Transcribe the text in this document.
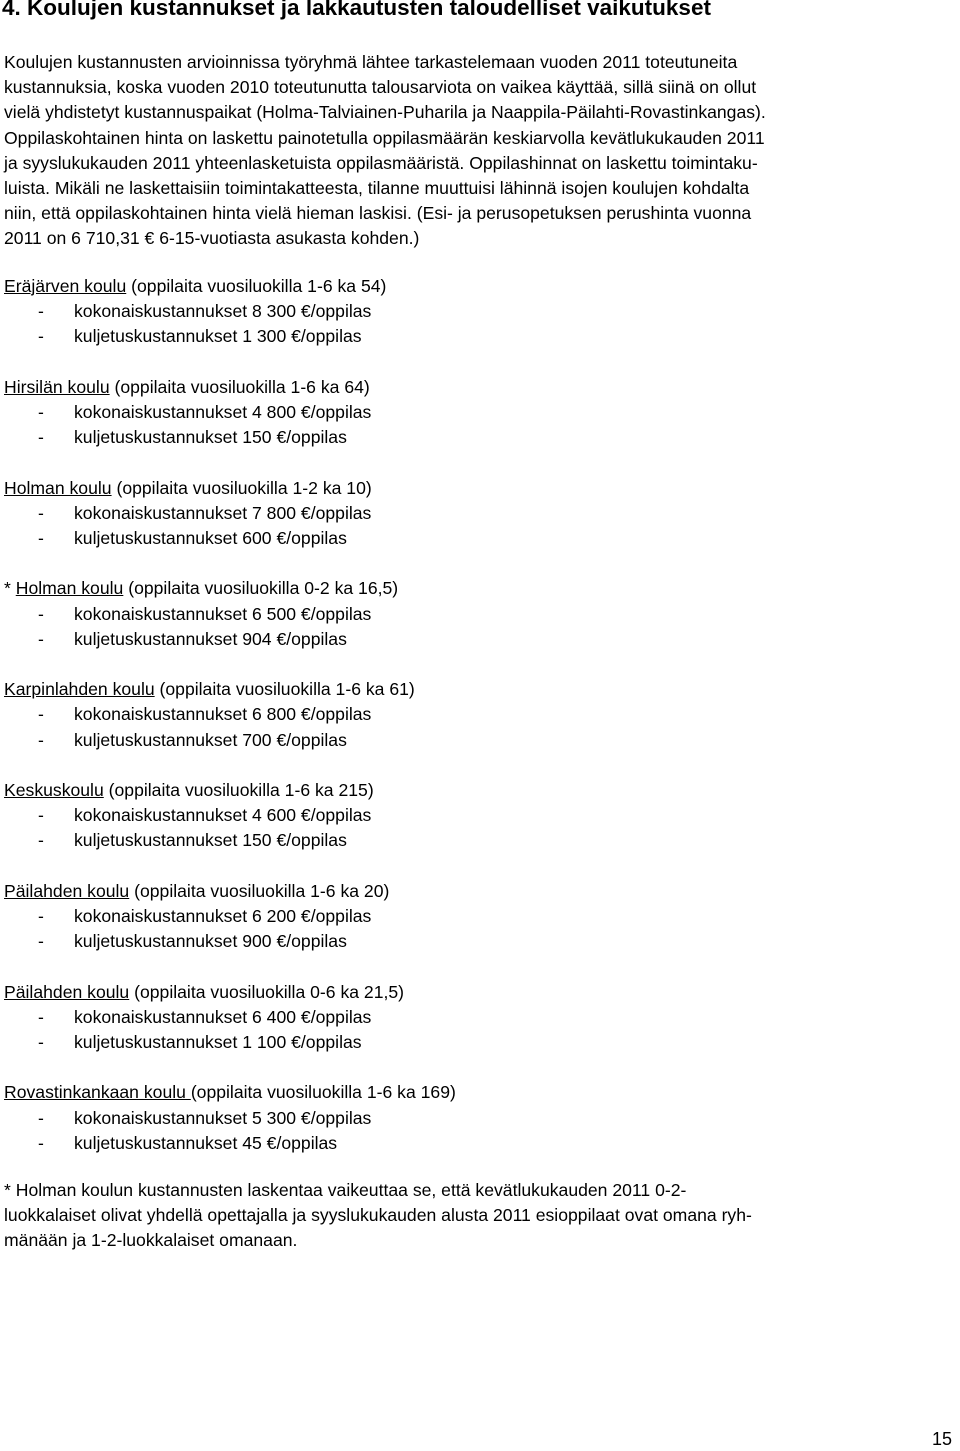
4. Koulujen kustannukset ja lakkautusten taloudelliset vaikutukset
Koulujen kustannusten arvioinnissa työryhmä lähtee tarkastelemaan vuoden 2011 toteutuneita
kustannuksia, koska vuoden 2010 toteutunutta talousarviota on vaikea käyttää, sillä siinä on ollut
vielä yhdistetyt kustannuspaikat (Holma-Talviainen-Puharila ja Naappila-Päilahti-Rovastinkangas).
Oppilaskohtainen hinta on laskettu painotetulla oppilasmäärän keskiarvolla kevätlukukauden 2011
ja syyslukukauden 2011 yhteenlasketuista oppilasmääristä. Oppilashinnat on laskettu toimintaku-
luista. Mikäli ne laskettaisiin toimintakatteesta, tilanne muuttuisi lähinnä isojen koulujen kohdalta
niin, että oppilaskohtainen hinta vielä hieman laskisi. (Esi- ja perusopetuksen perushinta vuonna
2011 on 6 710,31 € 6-15-vuotiasta asukasta kohden.)
Eräjärven koulu (oppilaita vuosiluokilla 1-6 ka 54)
- kokonaiskustannukset 8 300 €/oppilas
- kuljetuskustannukset 1 300 €/oppilas
Hirsilän koulu (oppilaita vuosiluokilla 1-6 ka 64)
- kokonaiskustannukset 4 800 €/oppilas
- kuljetuskustannukset 150 €/oppilas
Holman koulu (oppilaita vuosiluokilla 1-2 ka 10)
- kokonaiskustannukset 7 800 €/oppilas
- kuljetuskustannukset 600 €/oppilas
* Holman koulu (oppilaita vuosiluokilla 0-2 ka 16,5)
- kokonaiskustannukset 6 500 €/oppilas
- kuljetuskustannukset 904 €/oppilas
Karpinlahden koulu (oppilaita vuosiluokilla 1-6 ka 61)
- kokonaiskustannukset 6 800 €/oppilas
- kuljetuskustannukset 700 €/oppilas
Keskuskoulu (oppilaita vuosiluokilla 1-6 ka 215)
- kokonaiskustannukset 4 600 €/oppilas
- kuljetuskustannukset 150 €/oppilas
Päilahden koulu (oppilaita vuosiluokilla 1-6 ka 20)
- kokonaiskustannukset 6 200 €/oppilas
- kuljetuskustannukset 900 €/oppilas
Päilahden koulu (oppilaita vuosiluokilla 0-6 ka 21,5)
- kokonaiskustannukset 6 400 €/oppilas
- kuljetuskustannukset 1 100 €/oppilas
Rovastinkankaan koulu (oppilaita vuosiluokilla 1-6 ka 169)
- kokonaiskustannukset 5 300 €/oppilas
- kuljetuskustannukset 45 €/oppilas
* Holman koulun kustannusten laskentaa vaikeuttaa se, että kevätlukukauden 2011 0-2-
luokkalaiset olivat yhdellä opettajalla ja syyslukukauden alusta 2011 esioppilaat ovat omana ryh-
mänään ja 1-2-luokkalaiset omanaan.
15
